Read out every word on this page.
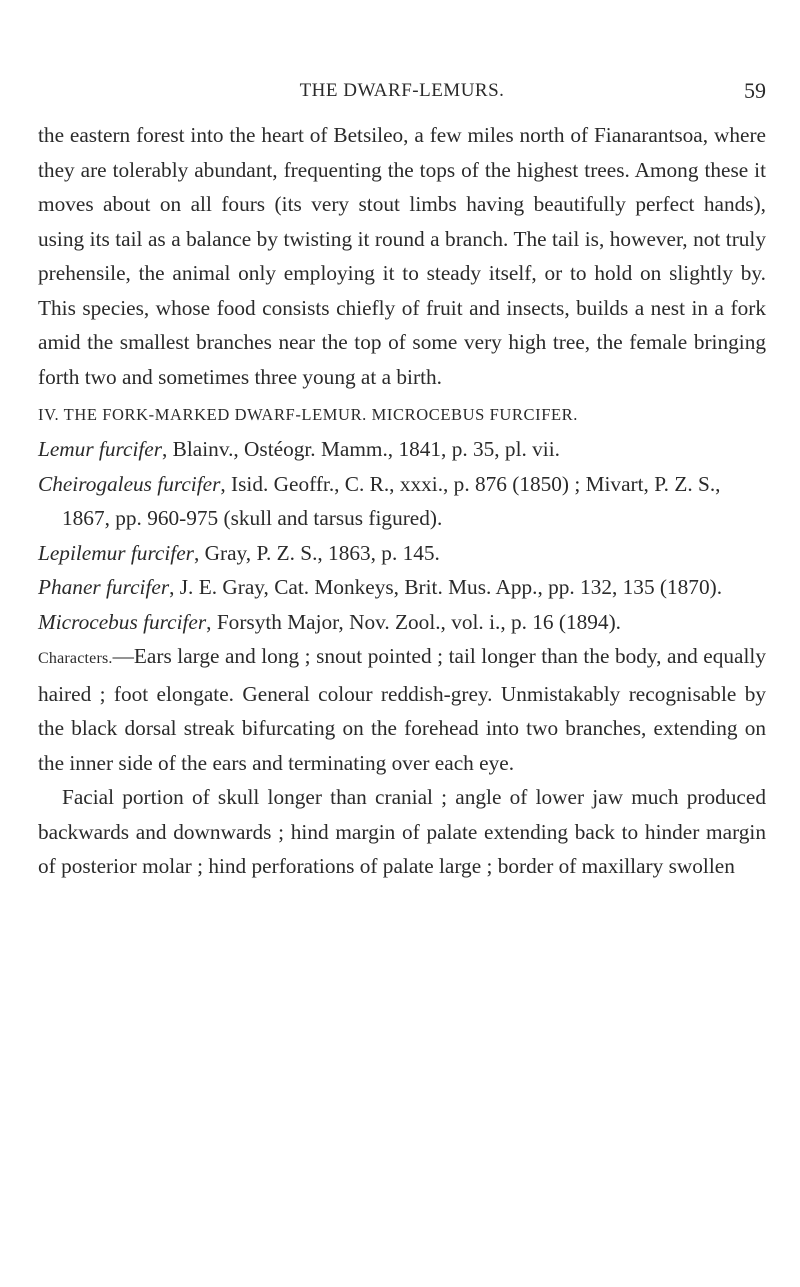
THE DWARF-LEMURS.	59

the eastern forest into the heart of Betsileo, a few miles north of Fianarantsoa, where they are tolerably abundant, frequenting the tops of the highest trees. Among these it moves about on all fours (its very stout limbs having beautifully perfect hands), using its tail as a balance by twisting it round a branch. The tail is, however, not truly prehensile, the animal only employing it to steady itself, or to hold on slightly by. This species, whose food consists chiefly of fruit and insects, builds a nest in a fork amid the smallest branches near the top of some very high tree, the female bringing forth two and sometimes three young at a birth.

IV. THE FORK-MARKED DWARF-LEMUR. MICROCEBUS FURCIFER.

Lemur furcifer, Blainv., Ostéogr. Mamm., 1841, p. 35, pl. vii.

Cheirogaleus furcifer, Isid. Geoffr., C. R., xxxi., p. 876 (1850) ; Mivart, P. Z. S., 1867, pp. 960-975 (skull and tarsus figured).

Lepilemur furcifer, Gray, P. Z. S., 1863, p. 145.

Phaner furcifer, J. E. Gray, Cat. Monkeys, Brit. Mus. App., pp. 132, 135 (1870).

Microcebus furcifer, Forsyth Major, Nov. Zool., vol. i., p. 16 (1894).

Characters.—Ears large and long ; snout pointed ; tail longer than the body, and equally haired ; foot elongate. General colour reddish-grey. Unmistakably recognisable by the black dorsal streak bifurcating on the forehead into two branches, extending on the inner side of the ears and terminating over each eye.

Facial portion of skull longer than cranial ; angle of lower jaw much produced backwards and downwards ; hind margin of palate extending back to hinder margin of posterior molar ; hind perforations of palate large ; border of maxillary swollen
